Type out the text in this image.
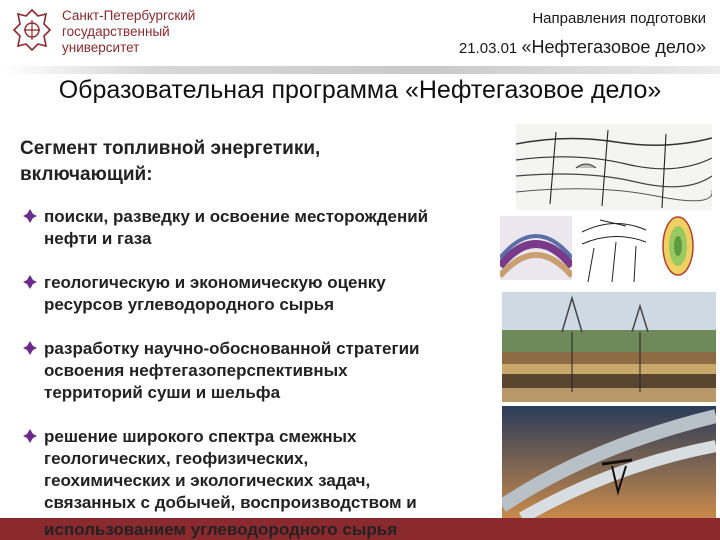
Санкт-Петербургский
государственный
университет
Направления подготовки
21.03.01 «Нефтегазовое дело»
Образовательная программа «Нефтегазовое дело»
Сегмент топливной энергетики, включающий:
поиски, разведку и освоение месторождений
нефти и газа
геологическую и экономическую оценку
ресурсов углеводородного сырья
разработку научно-обоснованной стратегии
освоения нефтегазоперспективных
территорий суши и шельфа
решение широкого спектра смежных
геологических, геофизических,
геохимических и экологических задач,
связанных с добычей, воспроизводством и
использованием углеводородного сырья
